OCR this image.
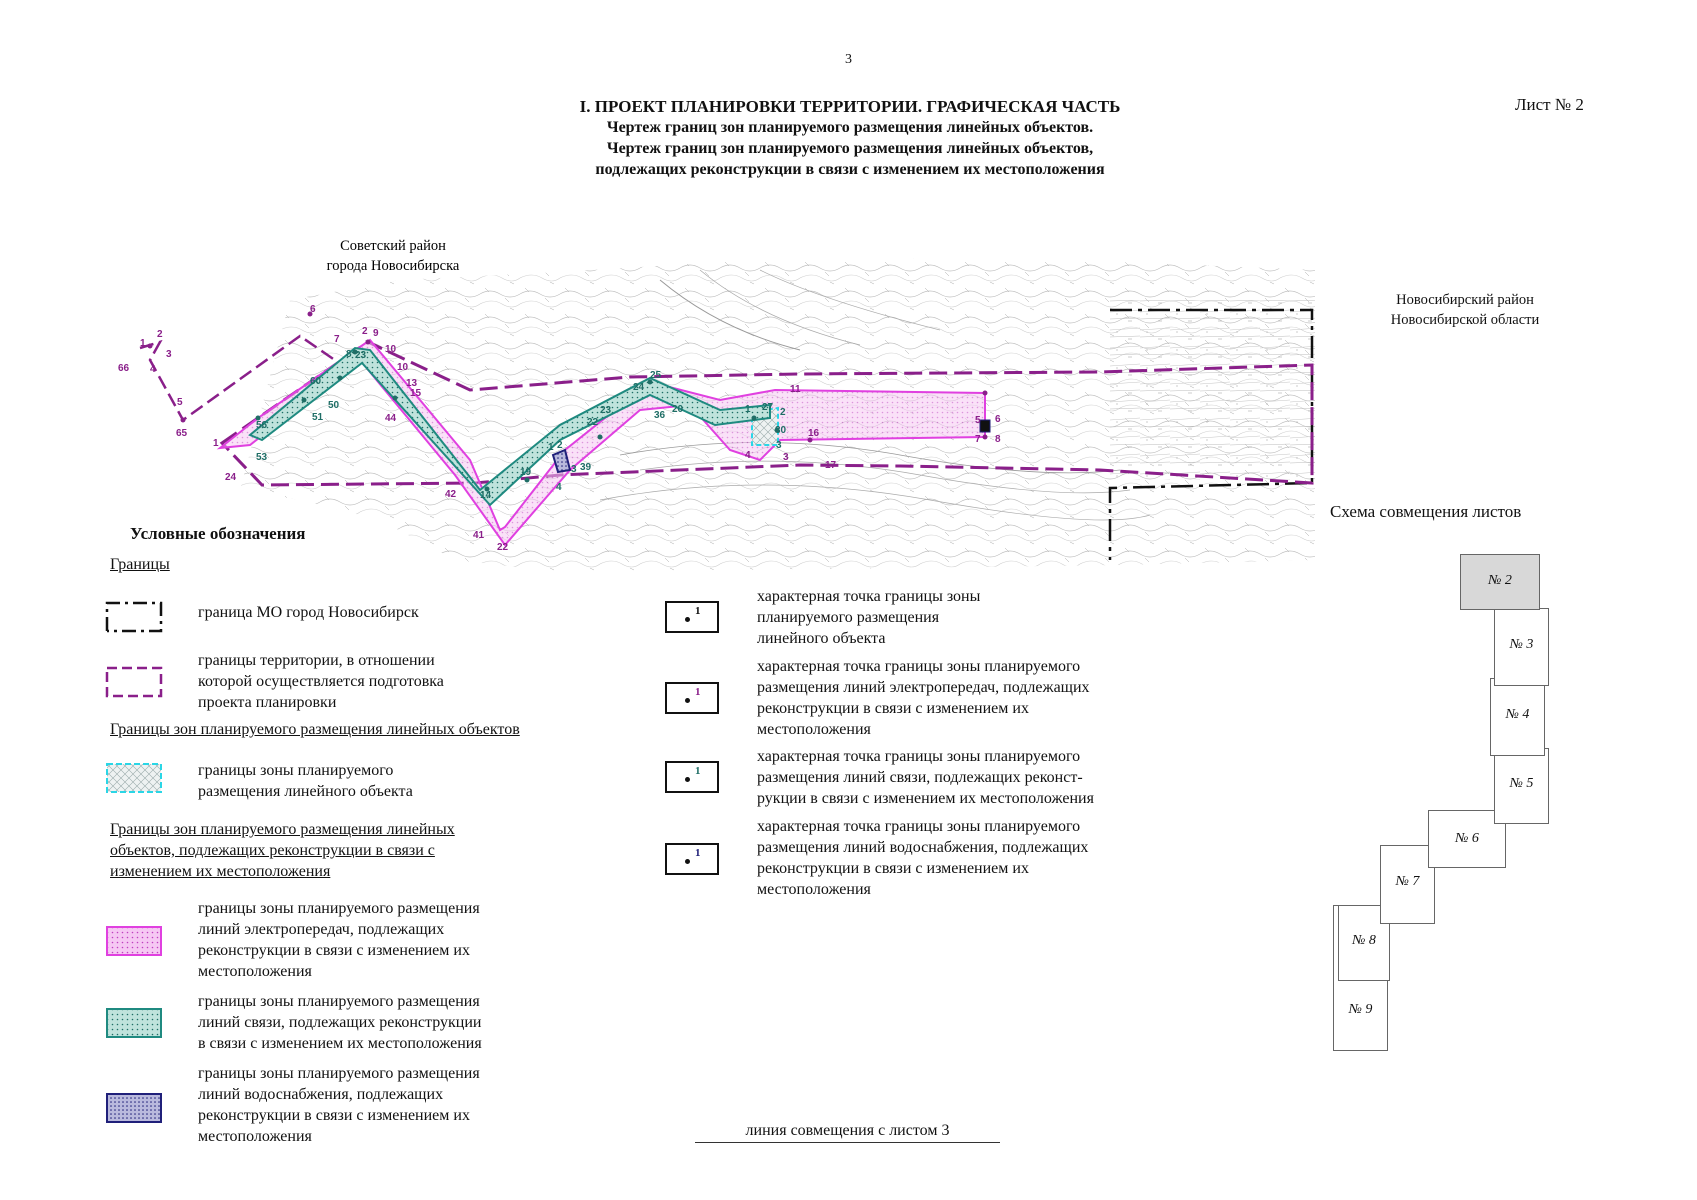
3
I. ПРОЕКТ ПЛАНИРОВКИ ТЕРРИТОРИИ. ГРАФИЧЕСКАЯ ЧАСТЬ
Чертеж границ зон планируемого размещения линейных объектов.
Чертеж границ зон планируемого размещения линейных объектов,
подлежащих реконструкции в связи с изменением их местоположения
Лист № 2
2
1
3
66 4
5
65
6
7
2 9
10
10
13
15
44
1
24
42
41
22
11
5 6
7 8
16
17
3
4
8 23
60
50
51
56
53
14
19
1 2
3 39
4
22
23
24
25
36
20	1 27 2
30
3
Советский район
города Новосибирска
Новосибирский район
Новосибирской области
Условные обозначения
Границы
граница МО город Новосибирск
границы территории, в отношении
которой осуществляется подготовка
проекта планировки
Границы зон планируемого размещения линейных объектов
границы зоны планируемого
размещения линейного объекта
Границы зон планируемого размещения линейных
объектов, подлежащих реконструкции в связи с
изменением их местоположения
границы зоны планируемого размещения
линий электропередач, подлежащих
реконструкции в связи с изменением их
местоположения
границы зоны планируемого размещения
линий связи, подлежащих реконструкции
в связи с изменением их местоположения
границы зоны планируемого размещения
линий водоснабжения, подлежащих
реконструкции в связи с изменением их
местоположения
1
характерная точка границы зоны
планируемого размещения
линейного объекта
1
характерная точка границы зоны планируемого
размещения линий электропередач, подлежащих
реконструкции в связи с изменением их
местоположения
1
характерная точка границы зоны планируемого
размещения линий связи, подлежащих реконст-
рукции в связи с изменением их местоположения
1
характерная точка границы зоны планируемого
размещения линий водоснабжения, подлежащих
реконструкции в связи с изменением их
местоположения
Схема совмещения листов
№ 9
№ 8
№ 7
№ 6
№ 5
№ 4
№ 3
№ 2
линия совмещения с листом 3
